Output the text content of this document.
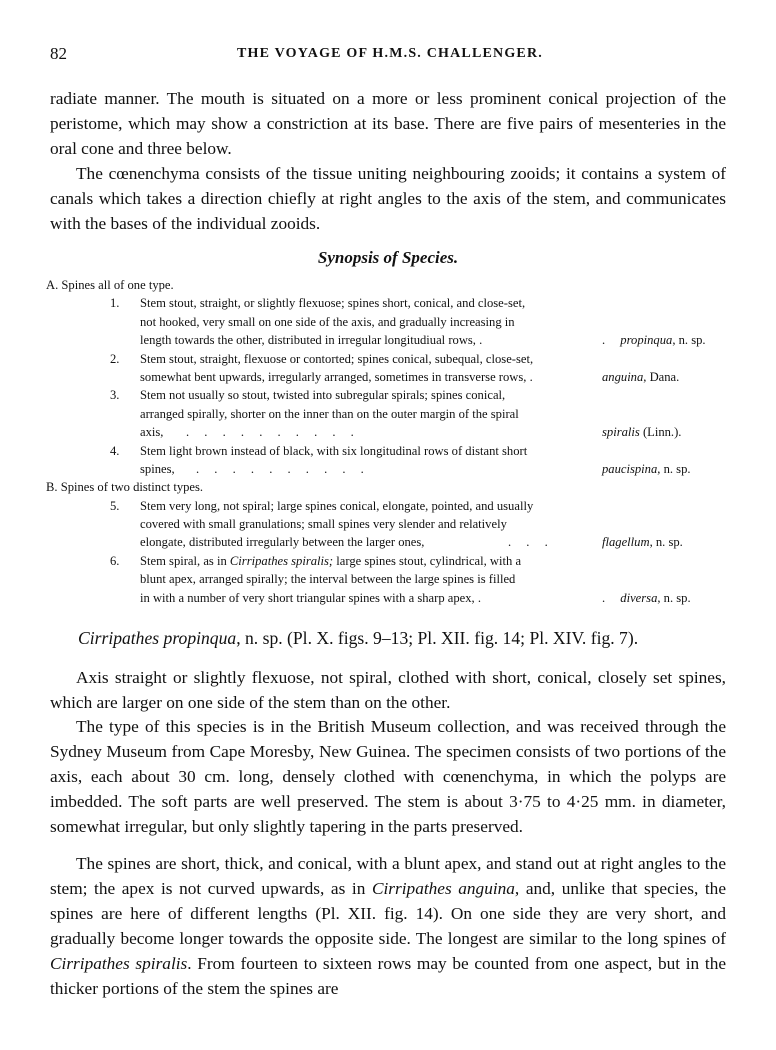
82	THE VOYAGE OF H.M.S. CHALLENGER.

radiate manner. The mouth is situated on a more or less prominent conical projection of the peristome, which may show a constriction at its base. There are five pairs of mesenteries in the oral cone and three below.

The cœnenchyma consists of the tissue uniting neighbouring zooids; it contains a system of canals which takes a direction chiefly at right angles to the axis of the stem, and communicates with the bases of the individual zooids.

Synopsis of Species.
A. Spines all of one type.
1. Stem stout, straight, or slightly flexuose; spines short, conical, and close-set,
not hooked, very small on one side of the axis, and gradually increasing in
length towards the other, distributed in irregular longitudiual rows, .	. propinqua, n. sp.
2. Stem stout, straight, flexuose or contorted; spines conical, subequal, close-set,
somewhat bent upwards, irregularly arranged, sometimes in transverse rows, .	anguina, Dana.
3. Stem not usually so stout, twisted into subregular spirals; spines conical,
arranged spirally, shorter on the inner than on the outer margin of the spiral
axis, . . . . . . . . . .	spiralis (Linn.).
4. Stem light brown instead of black, with six longitudinal rows of distant short
spines, . . . . . . . . . .	paucispina, n. sp.
B. Spines of two distinct types.
5. Stem very long, not spiral; large spines conical, elongate, pointed, and usually
covered with small granulations; small spines very slender and relatively
elongate, distributed irregularly between the larger ones,	. . .	flagellum, n. sp.
6. Stem spiral, as in Cirripathes spiralis; large spines stout, cylindrical, with a
blunt apex, arranged spirally; the interval between the large spines is filled
in with a number of very short triangular spines with a sharp apex, .	. diversa, n. sp.
Cirripathes propinqua, n. sp. (Pl. X. figs. 9–13; Pl. XII. fig. 14; Pl. XIV. fig. 7).

Axis straight or slightly flexuose, not spiral, clothed with short, conical, closely set spines, which are larger on one side of the stem than on the other.

The type of this species is in the British Museum collection, and was received through the Sydney Museum from Cape Moresby, New Guinea. The specimen consists of two portions of the axis, each about 30 cm. long, densely clothed with cœnenchyma, in which the polyps are imbedded. The soft parts are well preserved. The stem is about 3·75 to 4·25 mm. in diameter, somewhat irregular, but only slightly tapering in the parts preserved.

The spines are short, thick, and conical, with a blunt apex, and stand out at right angles to the stem; the apex is not curved upwards, as in Cirripathes anguina, and, unlike that species, the spines are here of different lengths (Pl. XII. fig. 14). On one side they are very short, and gradually become longer towards the opposite side. The longest are similar to the long spines of Cirripathes spiralis. From fourteen to sixteen rows may be counted from one aspect, but in the thicker portions of the stem the spines are
